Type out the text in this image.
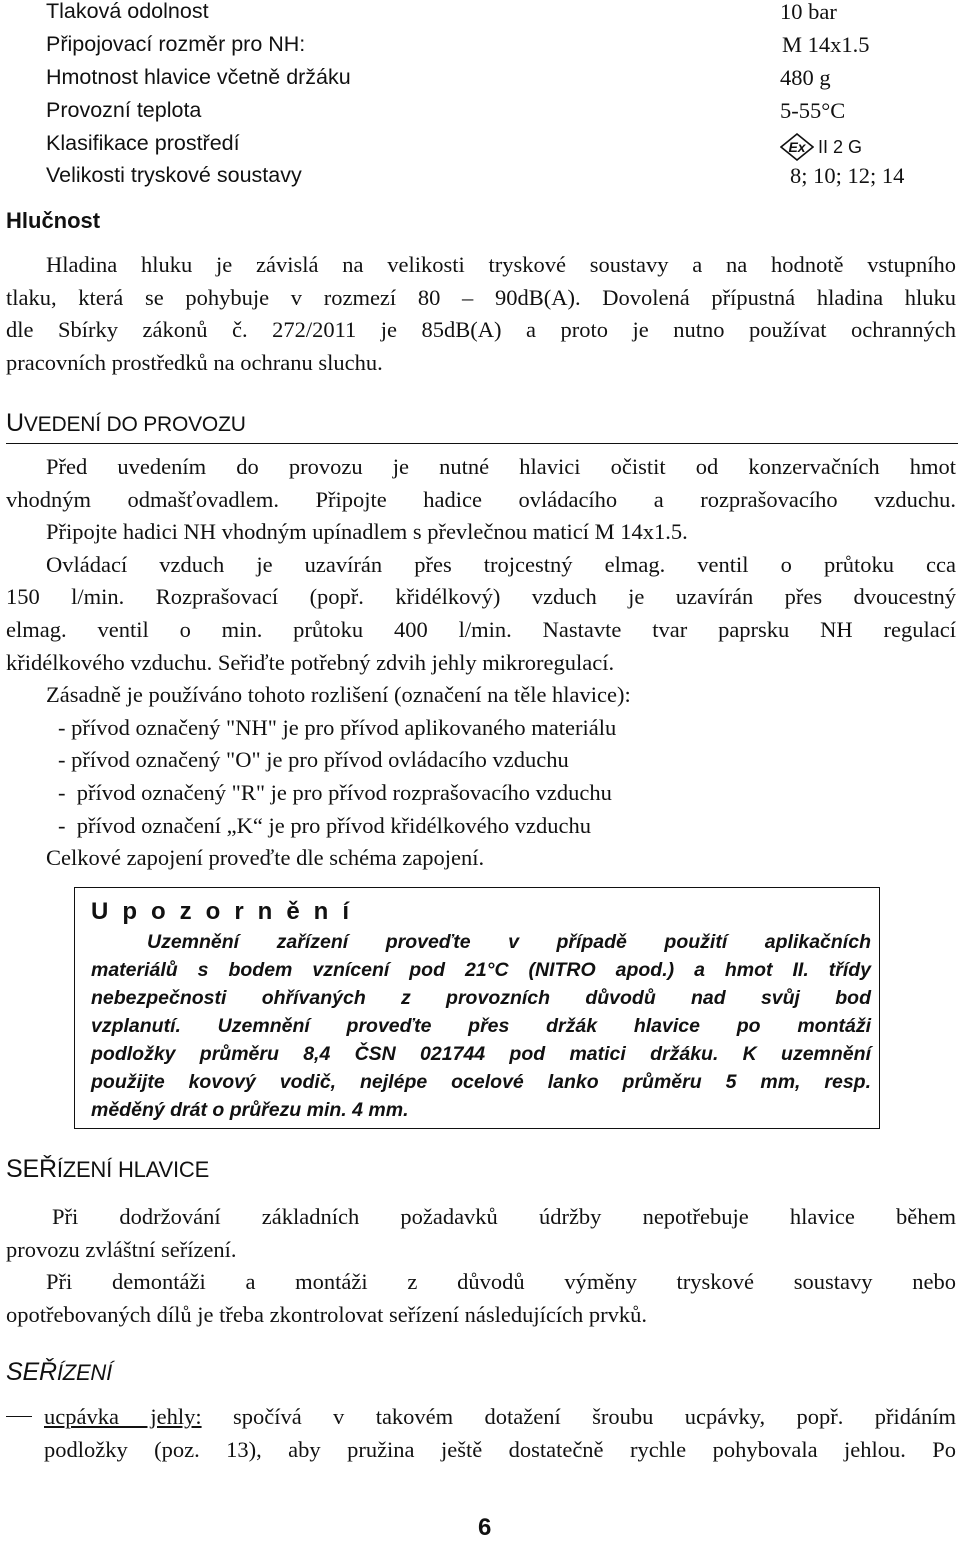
Tlaková odolnost	10 bar
Připojovací rozměr pro NH:	M 14x1.5
Hmotnost hlavice včetně držáku	480 g
Provozní teplota	5-55°C
Klasifikace prostředí	Ex II 2 G
Velikosti tryskové soustavy	8; 10; 12; 14
Hlučnost
Hladina hluku je závislá na velikosti tryskové soustavy a na hodnotě vstupního
tlaku, která se pohybuje v rozmezí 80 – 90dB(A). Dovolená přípustná hladina hluku
dle Sbírky zákonů č. 272/2011 je 85dB(A) a proto je nutno používat ochranných
pracovních prostředků na ochranu sluchu.
UVEDENÍ DO PROVOZU
Před uvedením do provozu je nutné hlavici očistit od konzervačních hmot
vhodným odmašťovadlem. Připojte hadice ovládacího a rozprašovacího vzduchu.
Připojte hadici NH vhodným upínadlem s převlečnou maticí M 14x1.5.
Ovládací vzduch je uzavírán přes trojcestný elmag. ventil o průtoku cca
150 l/min. Rozprašovací (popř. křidélkový) vzduch je uzavírán přes dvoucestný
elmag. ventil o min. průtoku 400 l/min. Nastavte tvar paprsku NH regulací
křidélkového vzduchu. Seřiďte potřebný zdvih jehly mikroregulací.
Zásadně je používáno tohoto rozlišení (označení na těle hlavice):
- přívod označený "NH" je pro přívod aplikovaného materiálu
- přívod označený "O" je pro přívod ovládacího vzduchu
-  přívod označený "R" je pro přívod rozprašovacího vzduchu
-  přívod označení „K“ je pro přívod křidélkového vzduchu
Celkové zapojení proveďte dle schéma zapojení.
Upozornění
Uzemnění zařízení proveďte v případě použití aplikačních
materiálů s bodem vznícení pod 21°C (NITRO apod.) a hmot II. třídy
nebezpečnosti ohřívaných z provozních důvodů nad svůj bod
vzplanutí. Uzemnění proveďte přes držák hlavice po montáži
podložky průměru 8,4 ČSN 021744 pod matici držáku. K uzemnění
použijte kovový vodič, nejlépe ocelové lanko průměru 5 mm, resp.
měděný drát o průřezu min. 4 mm.
SEŘÍZENÍ HLAVICE
Při dodržování základních požadavků údržby nepotřebuje hlavice během
provozu zvláštní seřízení.
Při demontáži a montáži z důvodů výměny tryskové soustavy nebo
opotřebovaných dílů je třeba zkontrolovat seřízení následujících prvků.
SEŘÍZENÍ
ucpávka jehly: spočívá v takovém dotažení šroubu ucpávky, popř. přidáním
podložky (poz. 13), aby pružina ještě dostatečně rychle pohybovala jehlou. Po
6
